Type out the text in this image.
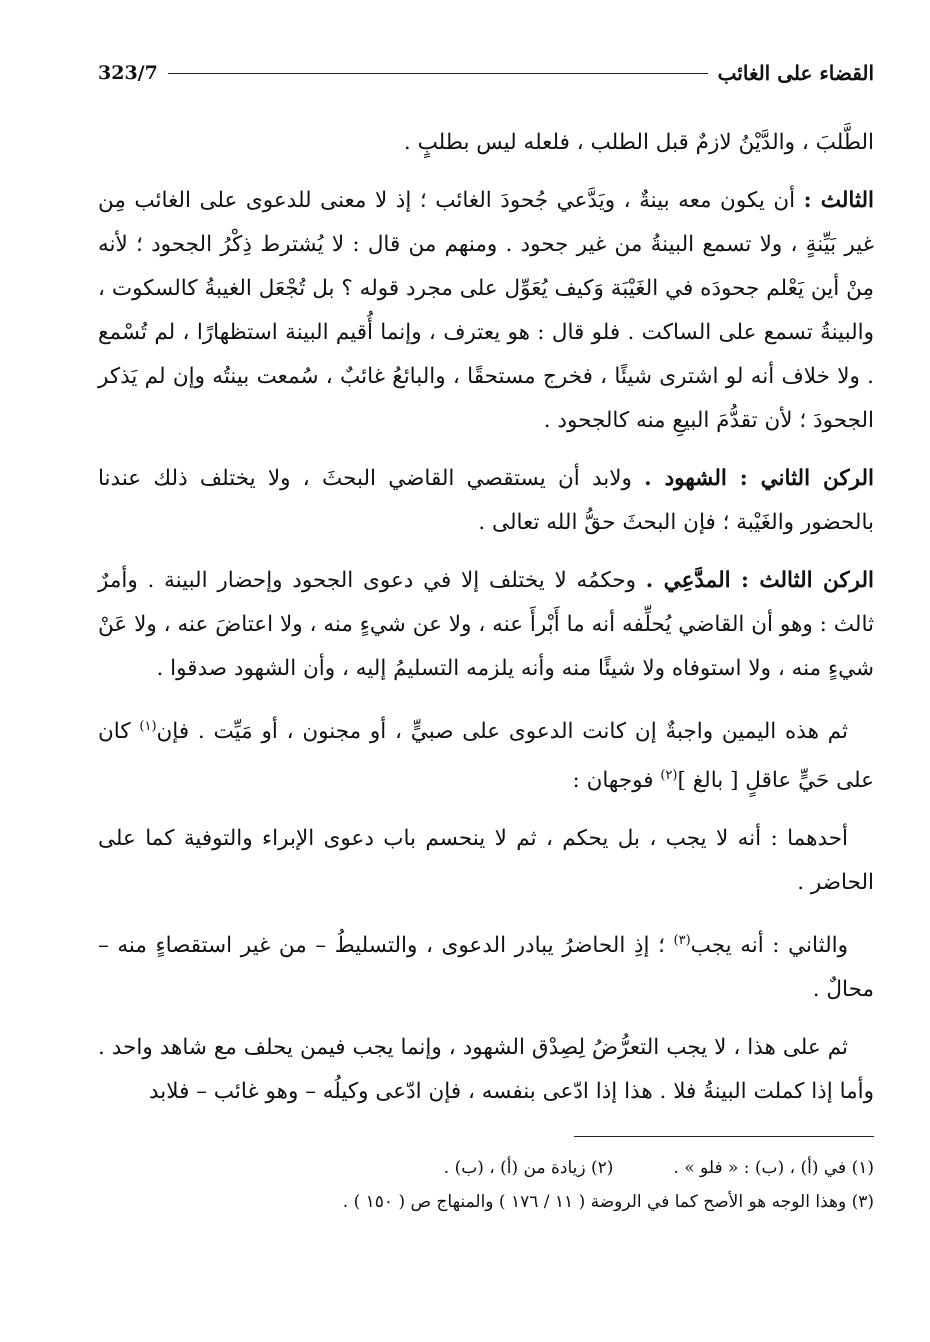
القضاء على الغائب
323/7

الطَّلبَ ، والدَّيْنُ لازمٌ قبل الطلب ، فلعله ليس بطلبٍ .

الثالث : أن يكون معه بينةٌ ، ويَدَّعي جُحودَ الغائب ؛ إذ لا معنى للدعوى على الغائب مِن غير بَيِّنةٍ ، ولا تسمع البينةُ من غير جحود . ومنهم من قال : لا يُشترط ذِكْرُ الجحود ؛ لأنه مِنْ أين يَعْلم جحودَه في الغَيْبَة وَكيف يُعَوِّل على مجرد قوله ؟ بل تُجْعَل الغيبةُ كالسكوت ، والبينةُ تسمع على الساكت . فلو قال : هو يعترف ، وإنما أُقيم البينة استظهارًا ، لم تُسْمع . ولا خلاف أنه لو اشترى شيئًا ، فخرج مستحقًا ، والبائعُ غائبٌ ، سُمعت بينتُه وإن لم يَذكر الجحودَ ؛ لأن تقدُّمَ البيعِ منه كالجحود .

الركن الثاني : الشهود . ولابد أن يستقصي القاضي البحثَ ، ولا يختلف ذلك عندنا بالحضور والغَيْبة ؛ فإن البحثَ حقُّ الله تعالى .

الركن الثالث : المدَّعِي . وحكمُه لا يختلف إلا في دعوى الجحود وإحضار البينة . وأمرٌ ثالث : وهو أن القاضي يُحلِّفه أنه ما أَبْرأَ عنه ، ولا عن شيءٍ منه ، ولا اعتاضَ عنه ، ولا عَنْ شيءٍ منه ، ولا استوفاه ولا شيئًا منه وأنه يلزمه التسليمُ إليه ، وأن الشهود صدقوا .

ثم هذه اليمين واجبةٌ إن كانت الدعوى على صبيٍّ ، أو مجنون ، أو مَيِّت . فإن$^{(١)}$ كان على حَيٍّ عاقلٍ [ بالغ ]$^{(٢)}$ فوجهان :

أحدهما : أنه لا يجب ، بل يحكم ، ثم لا ينحسم باب دعوى الإبراء والتوفية كما على الحاضر .

والثاني : أنه يجب$^{(٣)}$ ؛ إذِ الحاضرُ يبادر الدعوى ، والتسليطُ – من غير استقصاءٍ منه – محالٌ .

ثم على هذا ، لا يجب التعرُّضُ لِصِدْق الشهود ، وإنما يجب فيمن يحلف مع شاهد واحد . وأما إذا كملت البينةُ فلا . هذا إذا ادّعى بنفسه ، فإن ادّعى وكيلُه – وهو غائب – فلابد

(١) في (أ) ، (ب) : « فلو » .
(٢) زيادة من (أ) ، (ب) .
(٣) وهذا الوجه هو الأصح كما في الروضة ( ١١ / ١٧٦ ) والمنهاج ص ( ١٥٠ ) .
